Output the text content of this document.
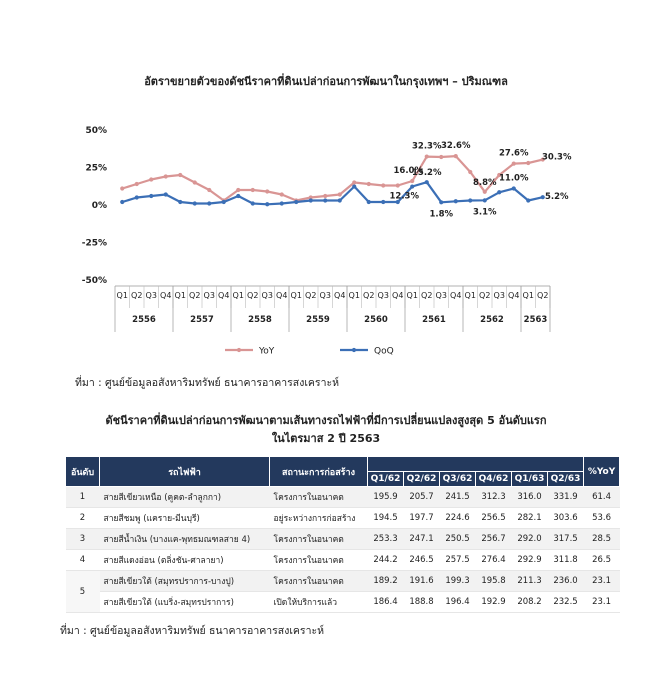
อัตราขยายตัวของดัชนีราคาที่ดินเปล่าก่อนการพัฒนาในกรุงเทพฯ – ปริมณฑล
50%
25%
0%
-25%
-50%
Q1 Q2 Q3 Q4 Q1 Q2 Q3 Q4 Q1 Q2 Q3 Q4 Q1 Q2 Q3 Q4 Q1 Q2 Q3 Q4 Q1 Q2 Q3 Q4 Q1 Q2 Q3 Q4 Q1 Q2
2556	2557	2558	2559	2560	2561	2562 2563
16.0%
32.3% 32.6%
8.8%
27.6% 30.3%
12.3%
15.2%
1.8% 3.1%
11.0%
5.2%
YoY	QoQ
ที่มา : ศูนย์ข้อมูลอสังหาริมทรัพย์ ธนาคารอาคารสงเคราะห์
ดัชนีราคาที่ดินเปล่าก่อนการพัฒนาตามเส้นทางรถไฟฟ้าที่มีการเปลี่ยนแปลงสูงสุด 5 อันดับแรก
ในไตรมาส 2 ปี 2563
อันดับ	รถไฟฟ้า	สถานะการก่อสร้าง							%YoY
			Q1/62	Q2/62	Q3/62	Q4/62	Q1/63	Q2/63	
1	สายสีเขียวเหนือ (คูคต-ลำลูกกา)	โครงการในอนาคต	195.9	205.7	241.5	312.3	316.0	331.9	61.4
2	สายสีชมพู (แคราย-มีนบุรี)	อยู่ระหว่างการก่อสร้าง	194.5	197.7	224.6	256.5	282.1	303.6	53.6
3	สายสีน้ำเงิน (บางแค-พุทธมณฑลสาย 4)	โครงการในอนาคต	253.3	247.1	250.5	256.7	292.0	317.5	28.5
4	สายสีแดงอ่อน (ตลิ่งชัน-ศาลายา)	โครงการในอนาคต	244.2	246.5	257.5	276.4	292.9	311.8	26.5
5	สายสีเขียวใต้ (สมุทรปราการ-บางปู)	โครงการในอนาคต	189.2	191.6	199.3	195.8	211.3	236.0	23.1
	สายสีเขียวใต้ (แบริ่ง-สมุทรปราการ)	เปิดให้บริการแล้ว	186.4	188.8	196.4	192.9	208.2	232.5	23.1
ที่มา : ศูนย์ข้อมูลอสังหาริมทรัพย์ ธนาคารอาคารสงเคราะห์
